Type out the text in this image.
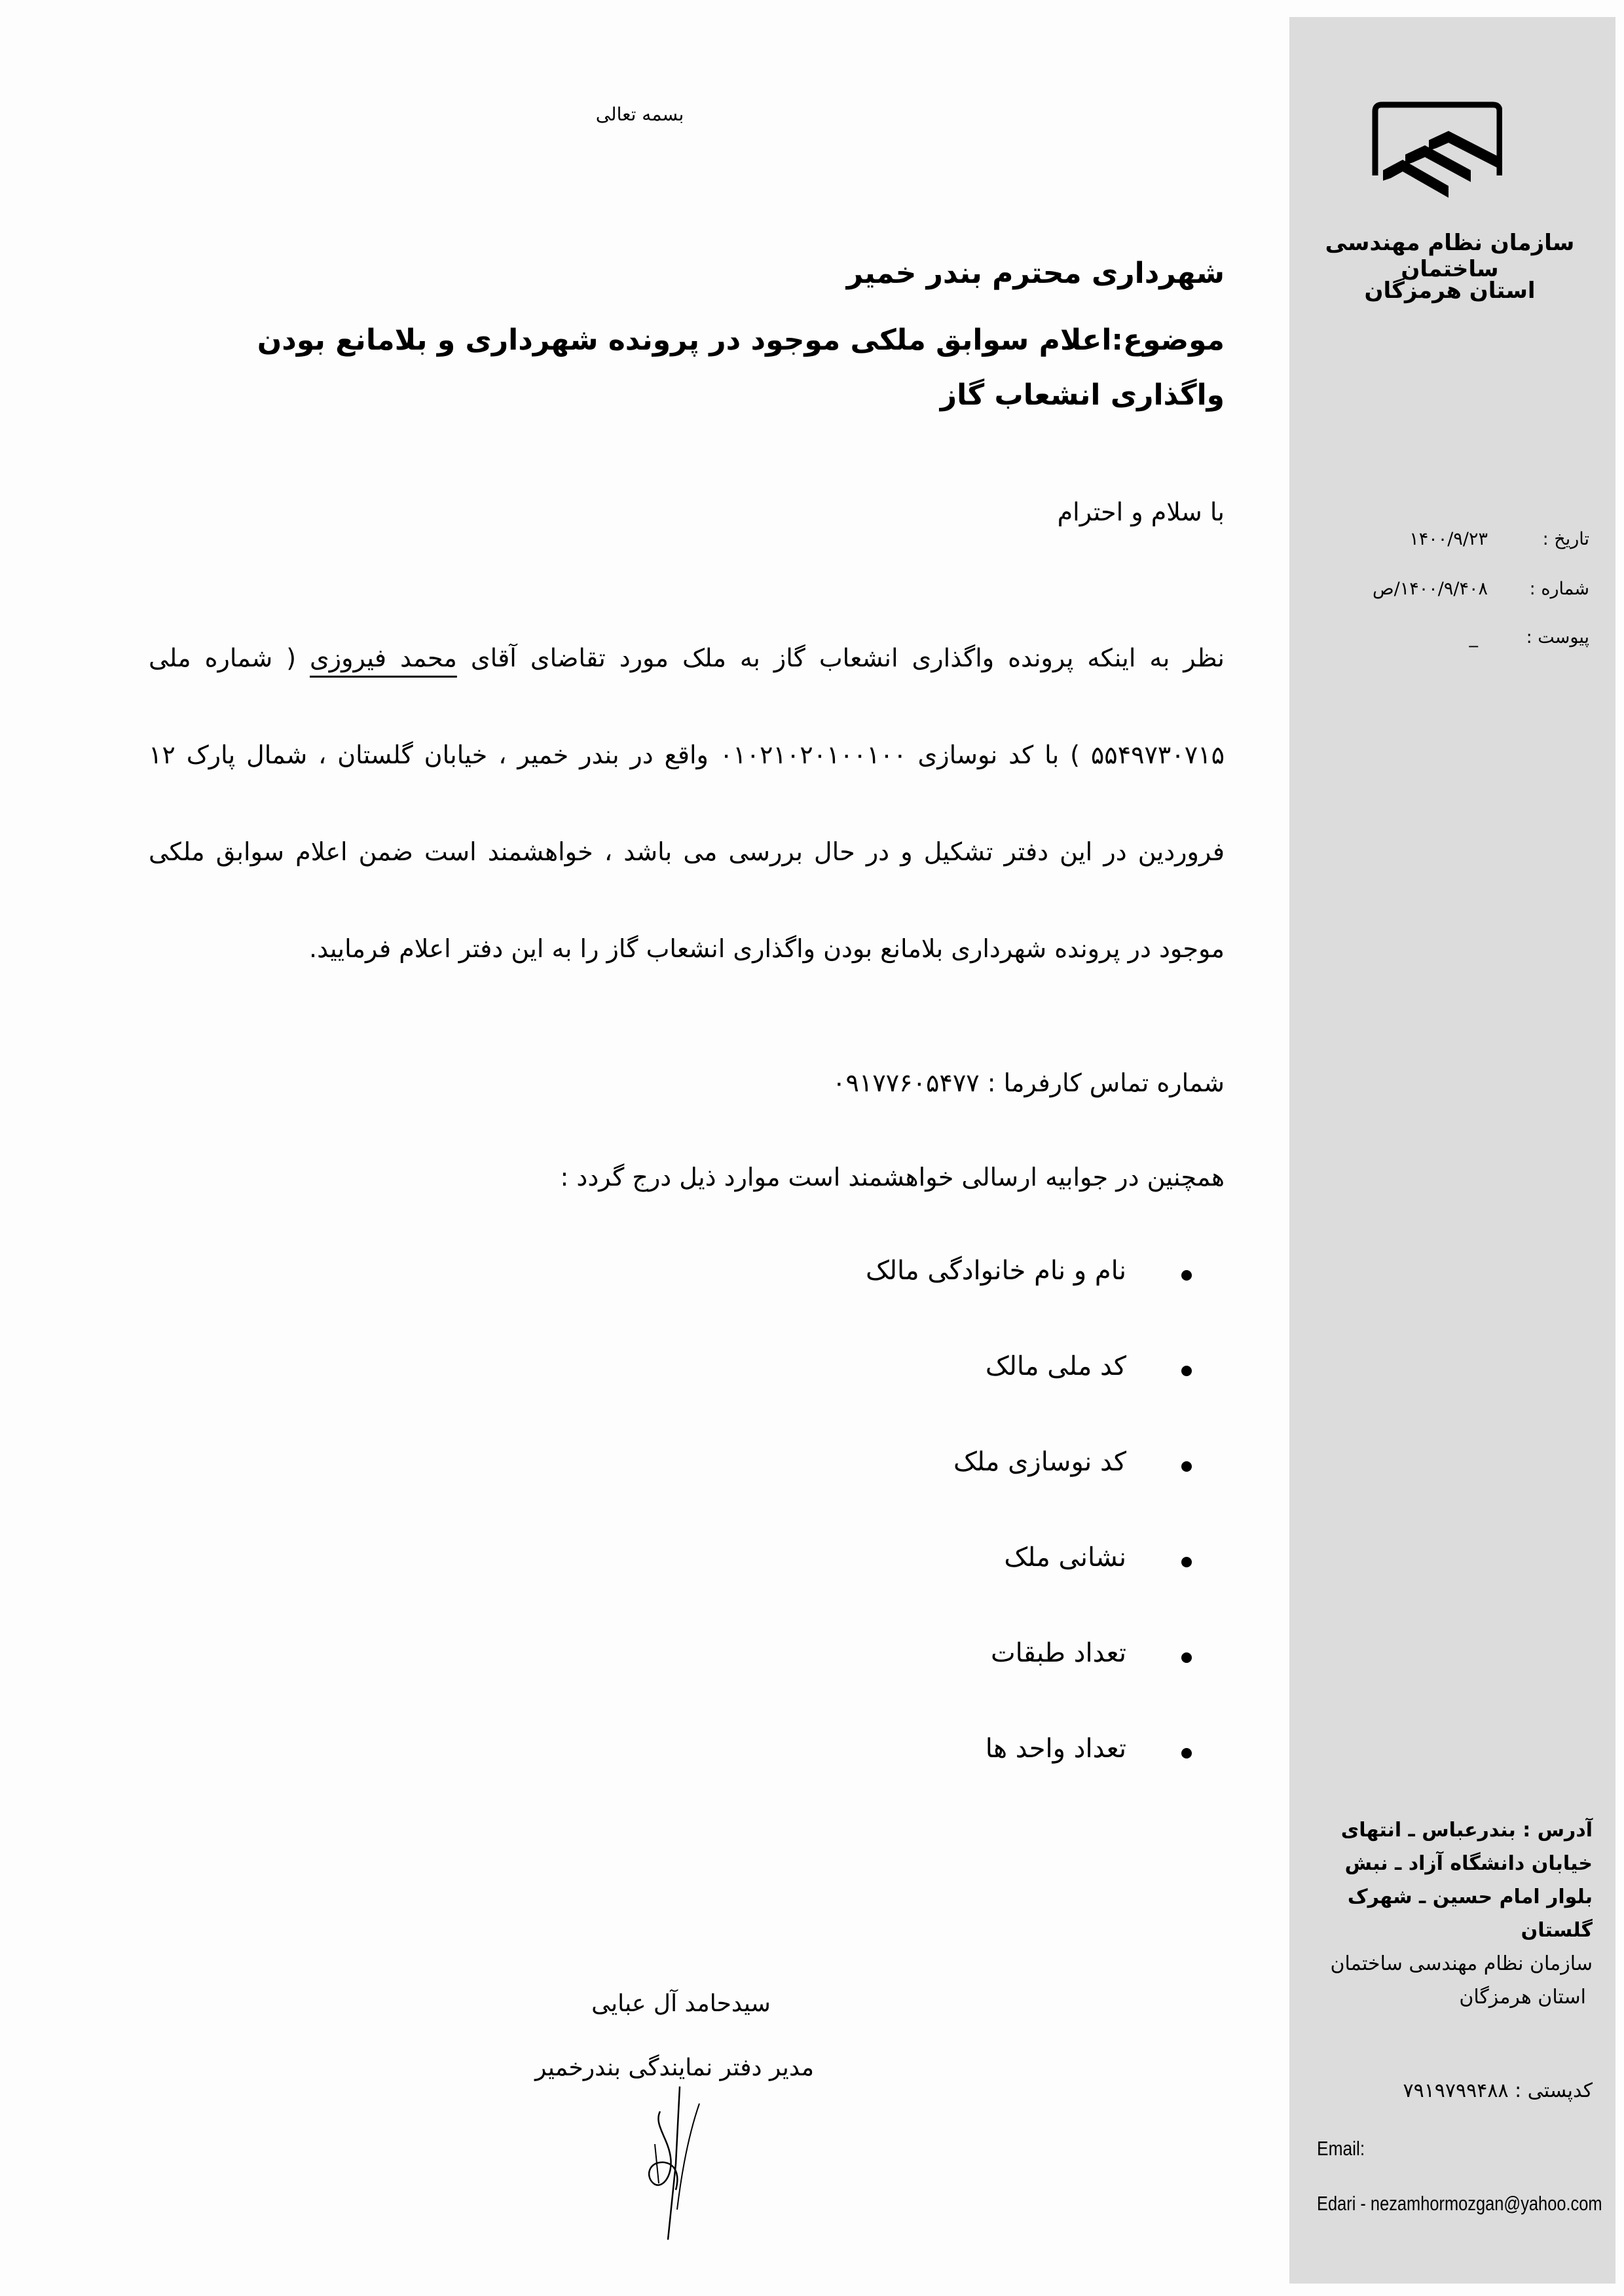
سازمان نظام مهندسی ساختمان
استان هرمزگان
تاریخ :
۱۴۰۰/۹/۲۳
شماره :
۱۴۰۰/۹/۴۰۸/ص
پیوست :
_
آدرس : بندرعباس ـ انتهای
خیابان دانشگاه آزاد ـ نبش
بلوار امام حسین ـ شهرک
گلستان
سازمان نظام مهندسی ساختمان
استان هرمزگان
کدپستی : ۷۹۱۹۷۹۹۴۸۸
Email:
Edari - nezamhormozgan@yahoo.com
بسمه تعالی
شهرداری محترم بندر خمیر
موضوع:اعلام سوابق ملکی موجود در پرونده شهرداری و بلامانع بودن واگذاری انشعاب گاز
با سلام و احترام

نظر به اینکه پرونده واگذاری انشعاب گاز به ملک مورد تقاضای آقای محمد فیروزی ( شماره ملی ۵۵۴۹۷۳۰۷۱۵ ) با کد نوسازی ۰۱۰۲۱۰۲۰۱۰۰۱۰۰ واقع در بندر خمیر ، خیابان گلستان ، شمال پارک ۱۲ فروردین در این دفتر تشکیل و در حال بررسی می باشد ، خواهشمند است ضمن اعلام سوابق ملکی موجود در پرونده شهرداری بلامانع بودن واگذاری انشعاب گاز را به این دفتر اعلام فرمایید.

شماره تماس کارفرما : ۰۹۱۷۷۶۰۵۴۷۷
همچنین در جوابیه ارسالی خواهشمند است موارد ذیل درج گردد :
نام و نام خانوادگی مالک
کد ملی مالک
کد نوسازی ملک
نشانی ملک
تعداد طبقات
تعداد واحد ها
سیدحامد آل عبایی
مدیر دفتر نمایندگی بندرخمیر
